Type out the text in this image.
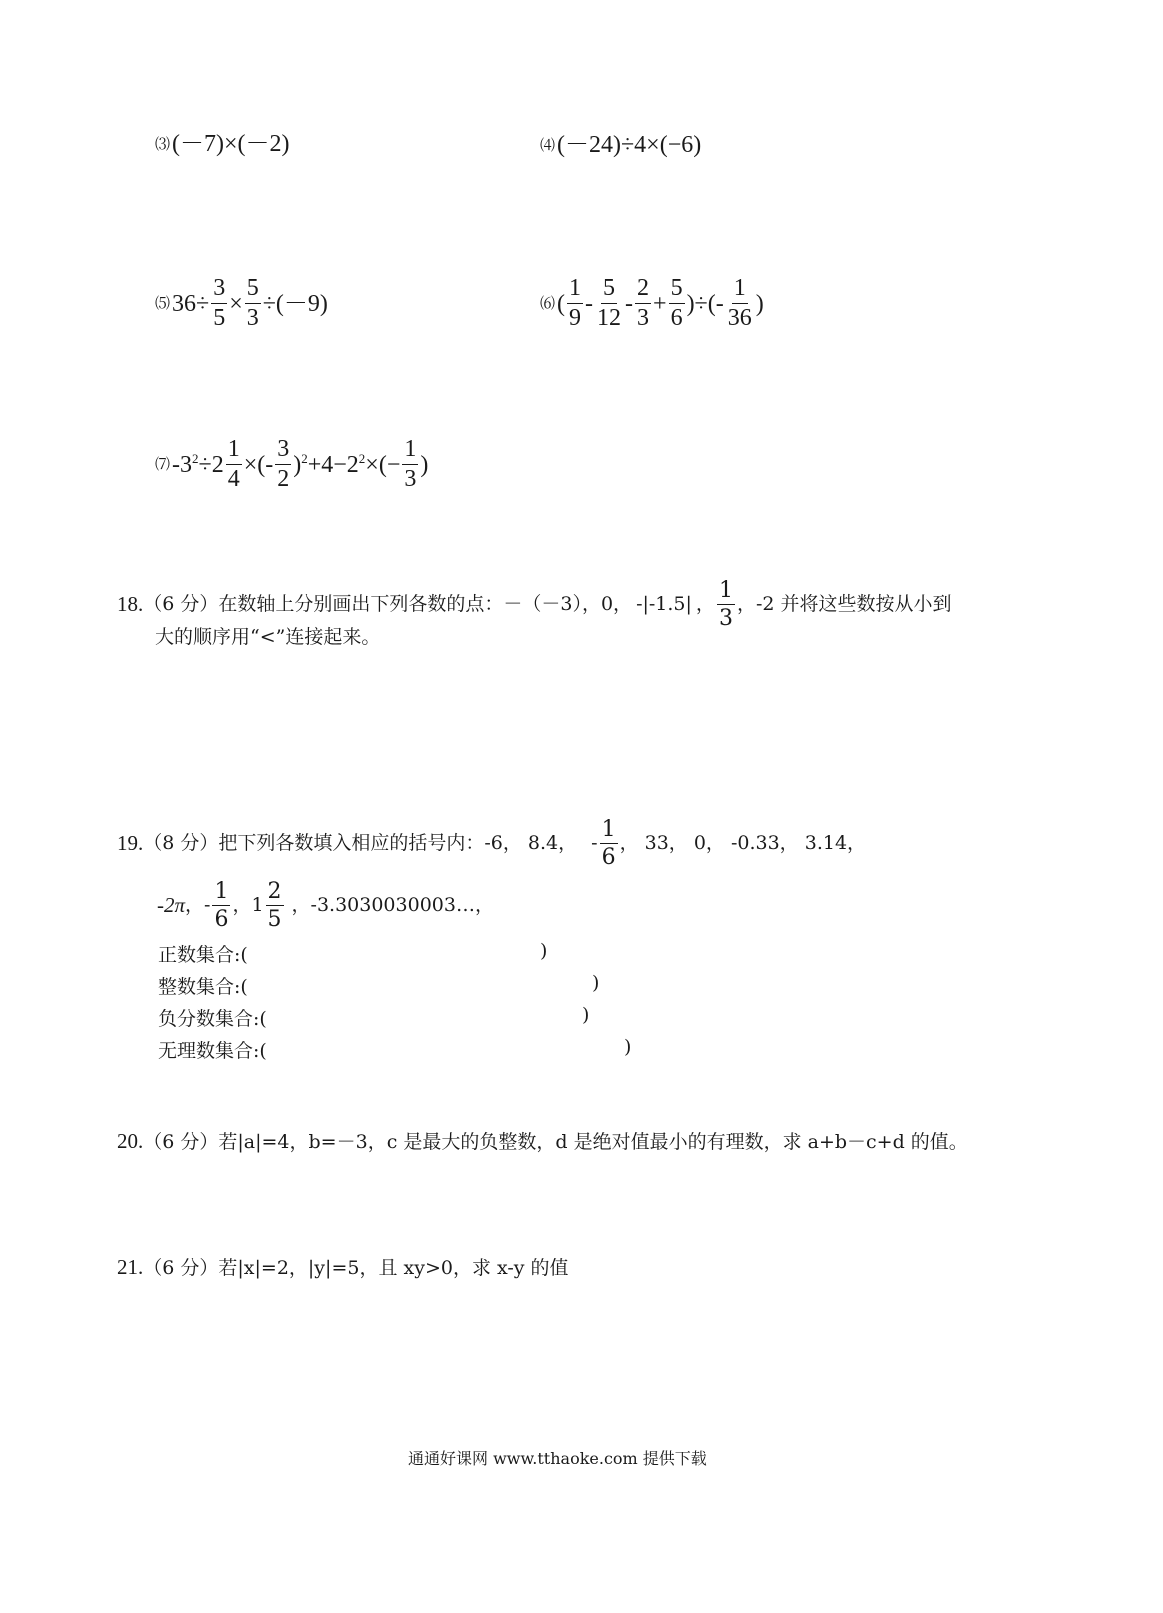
⑶ (－7)×(－2)	⑷ (－24)÷4×(−6)
⑸ $36\div \frac{3}{5} \times \frac{5}{3} \div(-9)$	⑹ ( $\frac{1}{9} - \frac{5}{12} - \frac{2}{3} + \frac{5}{6}$ )÷(- $\frac{1}{36}$ )
⑺ $-3^2 \div 2 \frac{1}{4}$ ×(- $\frac{3}{2} )^2 +4-2^2$ ×(− $\frac{1}{3}$ )
18. （6 分）在数轴上分别画出下列各数的点：－（－3），0， -|-1.5| ， $\frac{1}{3}$ ，-2 并将这些数按从小到
大的顺序用“<”连接起来。
19. （8 分）把下列各数填入相应的括号内：-6， 8.4， - $\frac{1}{6}$ ， 33， 0， -0.33， 3.14，
-2π ，- $\frac{1}{6}$ ，$1 \frac{2}{5}$ ，-3.3030030003…，
正数集合:(	)
整数集合:(	)
负分数集合:(	)
无理数集合:(	)
20.（6 分）若|a|=4，b=－3，c 是最大的负整数，d 是绝对值最小的有理数，求 a+b－c+d 的值。
21.（6 分）若|x|=2，|y|=5，且 xy>0，求 x-y 的值
通通好课网 www.tthaoke.com 提供下载
